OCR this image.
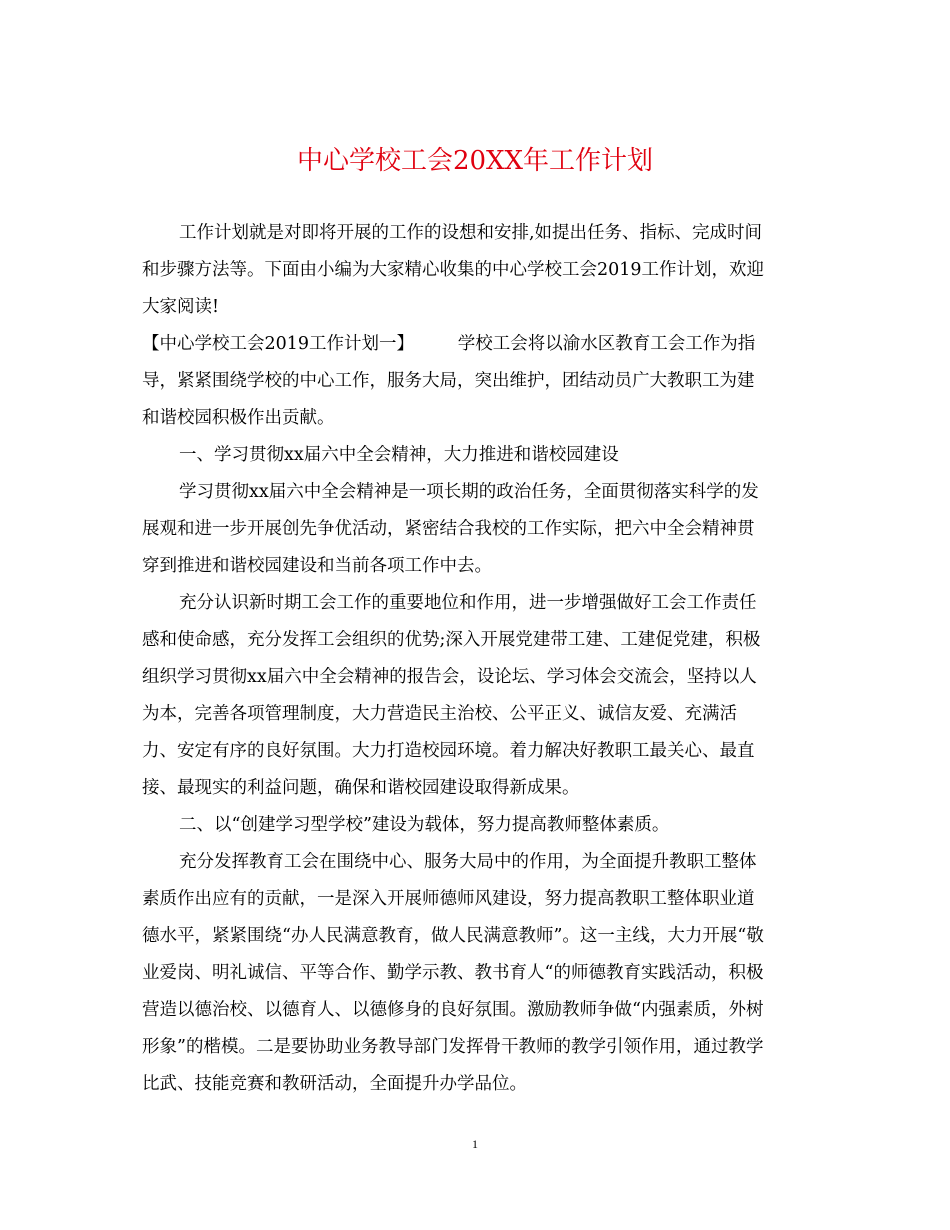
中心学校工会20XX年工作计划
工作计划就是对即将开展的工作的设想和安排,如提出任务、指标、完成时间
和步骤方法等。下面由小编为大家精心收集的中心学校工会2019工作计划，欢迎
大家阅读!
【中心学校工会2019工作计划一】　　　学校工会将以渝水区教育工会工作为指
导，紧紧围绕学校的中心工作，服务大局，突出维护，团结动员广大教职工为建
和谐校园积极作出贡献。
一、学习贯彻xx届六中全会精神，大力推进和谐校园建设
学习贯彻xx届六中全会精神是一项长期的政治任务，全面贯彻落实科学的发
展观和进一步开展创先争优活动，紧密结合我校的工作实际，把六中全会精神贯
穿到推进和谐校园建设和当前各项工作中去。
充分认识新时期工会工作的重要地位和作用，进一步增强做好工会工作责任
感和使命感，充分发挥工会组织的优势;深入开展党建带工建、工建促党建，积极
组织学习贯彻xx届六中全会精神的报告会，设论坛、学习体会交流会，坚持以人
为本，完善各项管理制度，大力营造民主治校、公平正义、诚信友爱、充满活
力、安定有序的良好氛围。大力打造校园环境。着力解决好教职工最关心、最直
接、最现实的利益问题，确保和谐校园建设取得新成果。
二、以“创建学习型学校”建设为载体，努力提高教师整体素质。
充分发挥教育工会在围绕中心、服务大局中的作用，为全面提升教职工整体
素质作出应有的贡献，一是深入开展师德师风建设，努力提高教职工整体职业道
德水平，紧紧围绕“办人民满意教育，做人民满意教师”。这一主线，大力开展“敬
业爱岗、明礼诚信、平等合作、勤学示教、教书育人“的师德教育实践活动，积极
营造以德治校、以德育人、以德修身的良好氛围。激励教师争做“内强素质，外树
形象”的楷模。二是要协助业务教导部门发挥骨干教师的教学引领作用，通过教学
比武、技能竞赛和教研活动，全面提升办学品位。
1
